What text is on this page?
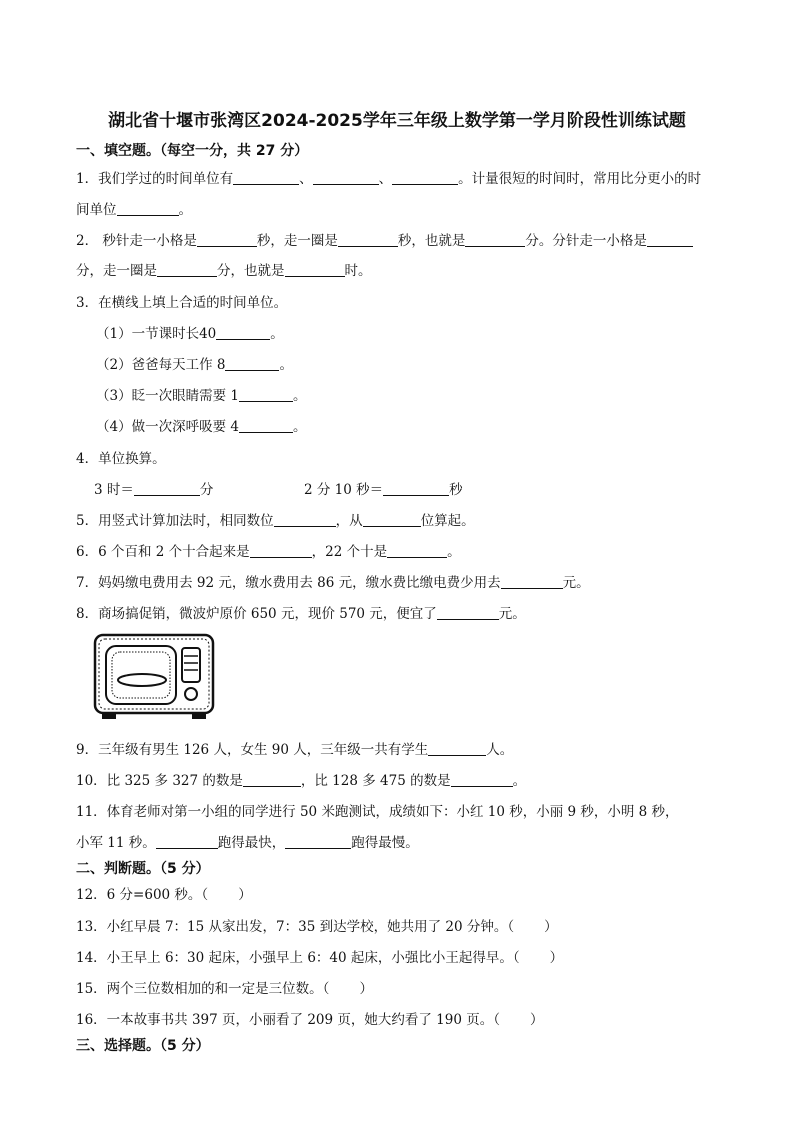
湖北省十堰市张湾区2024-2025学年三年级上数学第一学月阶段性训练试题
一、填空题。（每空一分，共 27 分）
1．我们学过的时间单位有	、	、	。计量很短的时间时，常用比分更小的时
间单位	。
2． 秒针走一小格是	秒，走一圈是	秒，也就是	分。分针走一小格是
分，走一圈是	分，也就是	时。
3．在横线上填上合适的时间单位。
（1）一节课时长40	。
（2）爸爸每天工作 8	。
（3）眨一次眼睛需要 1	。
（4）做一次深呼吸要 4	。
4．单位换算。
3 时＝	分	2 分 10 秒＝	秒
5．用竖式计算加法时，相同数位	，从	位算起。
6．6 个百和 2 个十合起来是	，22 个十是	。
7．妈妈缴电费用去 92 元，缴水费用去 86 元，缴水费比缴电费少用去	元。
8．商场搞促销，微波炉原价 650 元，现价 570 元，便宜了	元。
9．三年级有男生 126 人，女生 90 人，三年级一共有学生	人。
10．比 325 多 327 的数是	，比 128 多 475 的数是	。
11．体育老师对第一小组的同学进行 50 米跑测试，成绩如下：小红 10 秒，小丽 9 秒，小明 8 秒，
小军 11 秒。	跑得最快，	跑得最慢。
二、判断题。（5 分）
12．6 分=600 秒。（ ）
13．小红早晨 7：15 从家出发，7：35 到达学校，她共用了 20 分钟。（ ）
14．小王早上 6：30 起床，小强早上 6：40 起床，小强比小王起得早。（ ）
15．两个三位数相加的和一定是三位数。（ ）
16．一本故事书共 397 页，小丽看了 209 页，她大约看了 190 页。（ ）
三、选择题。（5 分）
